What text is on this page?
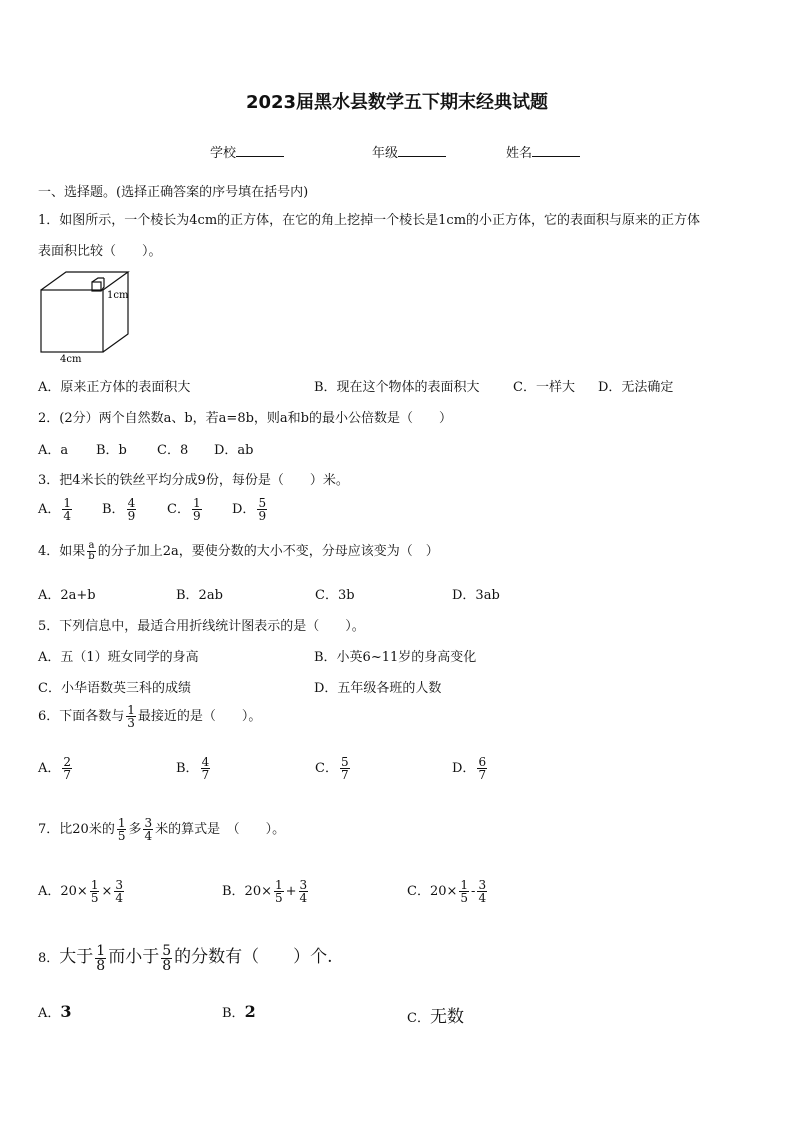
2023届黑水县数学五下期末经典试题
学校	年级	姓名
一、选择题。(选择正确答案的序号填在括号内)
1．如图所示，一个棱长为4cm的正方体，在它的角上挖掉一个棱长是1cm的小正方体，它的表面积与原来的正方体
表面积比较（　　）。
1cm
4cm
A．原来正方体的表面积大	B．现在这个物体的表面积大	C．一样大 D．无法确定
2．(2分）两个自然数a、b，若a=8b，则a和b的最小公倍数是（　　）
A．a B．b C．8 D．ab
3．把4米长的铁丝平均分成9份，每份是（　　）米。
A． $\frac{1}{4}$ B． $\frac{4}{9}$ C． $\frac{1}{9}$ D． $\frac{5}{9}$
4．如果 $\frac{a}{b}$ 的分子加上2a，要使分数的大小不变，分母应该变为（　）
A．2a+b	B．2ab	C．3b	D．3ab
5．下列信息中，最适合用折线统计图表示的是（　　）。
A．五（1）班女同学的身高	B．小英6~11岁的身高变化
C．小华语数英三科的成绩	D．五年级各班的人数
6．下面各数与 $\frac{1}{3}$ 最接近的是（　　）。
A． $\frac{2}{7}$	B． $\frac{4}{7}$	C． $\frac{5}{7}$	D． $\frac{6}{7}$
7．比20米的 $\frac{1}{5}$ 多 $\frac{3}{4}$ 米的算式是　（　　）。
A．$20\times \frac{1}{5} \times \frac{3}{4}$	B．$20\times \frac{1}{5} + \frac{3}{4}$	C．$20\times \frac{1}{5} - \frac{3}{4}$
8．大于 $\frac{1}{8}$ 而小于 $\frac{5}{8}$ 的分数有（　　）个.
A．3	B．2	C．无数
